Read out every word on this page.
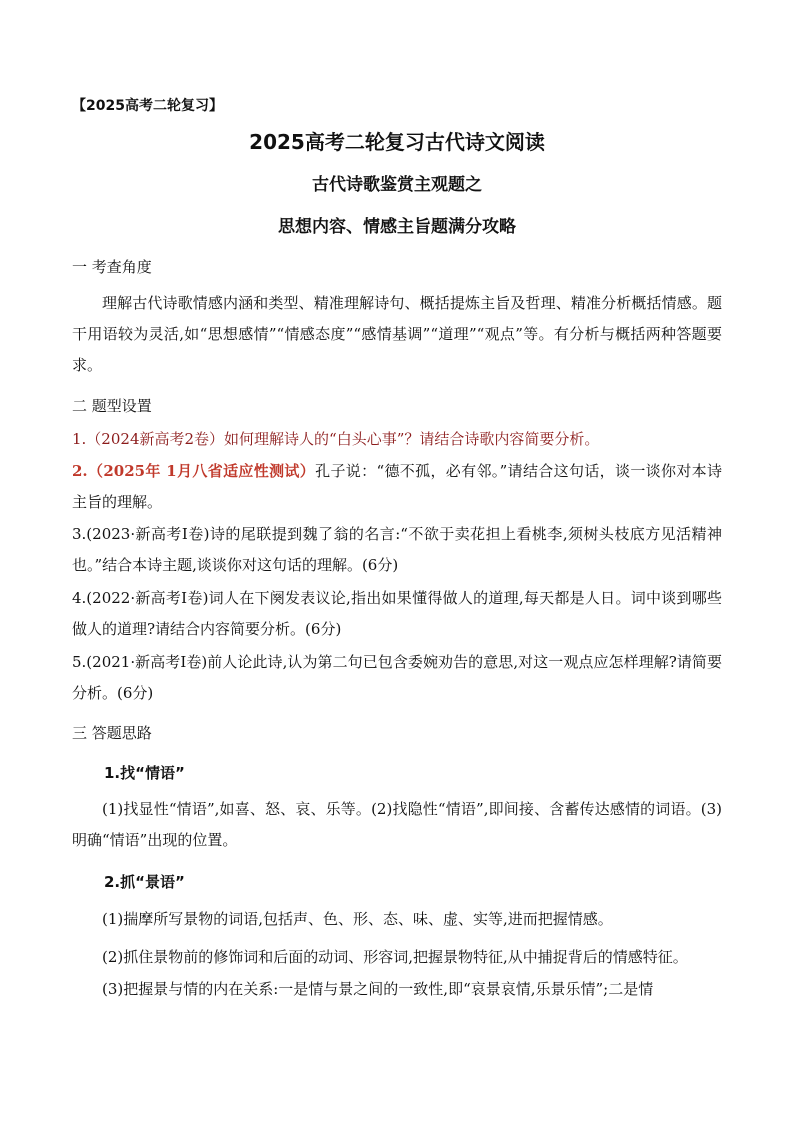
【2025高考二轮复习】
2025高考二轮复习古代诗文阅读
古代诗歌鉴赏主观题之
思想内容、情感主旨题满分攻略
一 考查角度
理解古代诗歌情感内涵和类型、精准理解诗句、概括提炼主旨及哲理、精准分析概括情感。题干用语较为灵活,如“思想感情”“情感态度”“感情基调”“道理”“观点”等。有分析与概括两种答题要求。
二 题型设置
1.（2024新高考2卷）如何理解诗人的“白头心事”？请结合诗歌内容简要分析。
2.（2025年 1月八省适应性测试）孔子说：“德不孤，必有邻。”请结合这句话，谈一谈你对本诗主旨的理解。
3.(2023·新高考Ⅰ卷)诗的尾联提到魏了翁的名言:“不欲于卖花担上看桃李,须树头枝底方见活精神也。”结合本诗主题,谈谈你对这句话的理解。(6分)
4.(2022·新高考Ⅰ卷)词人在下阕发表议论,指出如果懂得做人的道理,每天都是人日。词中谈到哪些做人的道理?请结合内容简要分析。(6分)
5.(2021·新高考Ⅰ卷)前人论此诗,认为第二句已包含委婉劝告的意思,对这一观点应怎样理解?请简要分析。(6分)
三 答题思路
1.找“情语”
(1)找显性“情语”,如喜、怒、哀、乐等。(2)找隐性“情语”,即间接、含蓄传达感情的词语。(3)明确“情语”出现的位置。
2.抓“景语”
(1)揣摩所写景物的词语,包括声、色、形、态、味、虚、实等,进而把握情感。
(2)抓住景物前的修饰词和后面的动词、形容词,把握景物特征,从中捕捉背后的情感特征。
(3)把握景与情的内在关系:一是情与景之间的一致性,即“哀景哀情,乐景乐情”;二是情
